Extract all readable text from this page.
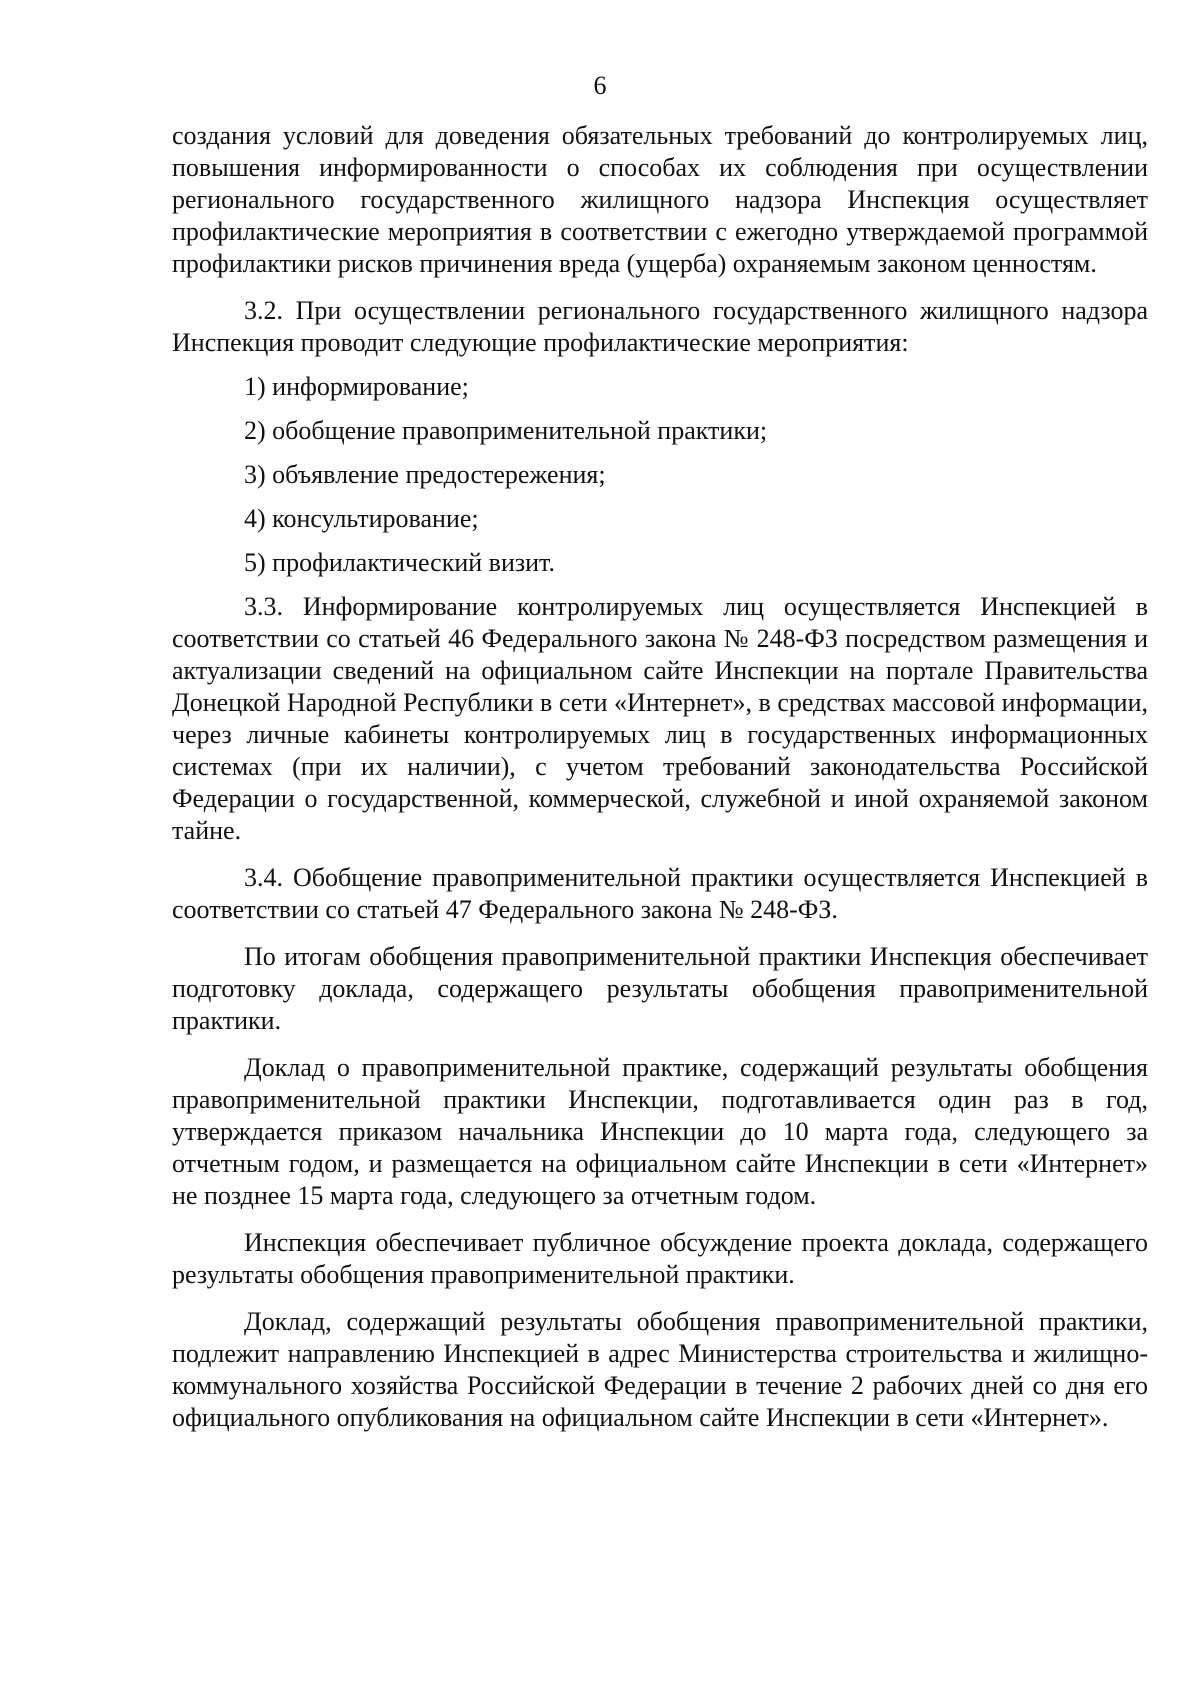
6

создания условий для доведения обязательных требований до контролируемых лиц, повышения информированности о способах их соблюдения при осуществлении регионального государственного жилищного надзора Инспекция осуществляет профилактические мероприятия в соответствии с ежегодно утверждаемой программой профилактики рисков причинения вреда (ущерба) охраняемым законом ценностям.

3.2. При осуществлении регионального государственного жилищного надзора Инспекция проводит следующие профилактические мероприятия:

1) информирование;

2) обобщение правоприменительной практики;

3) объявление предостережения;

4) консультирование;

5) профилактический визит.

3.3. Информирование контролируемых лиц осуществляется Инспекцией в соответствии со статьей 46 Федерального закона № 248-ФЗ посредством размещения и актуализации сведений на официальном сайте Инспекции на портале Правительства Донецкой Народной Республики в сети «Интернет», в средствах массовой информации, через личные кабинеты контролируемых лиц в государственных информационных системах (при их наличии), с учетом требований законодательства Российской Федерации о государственной, коммерческой, служебной и иной охраняемой законом тайне.

3.4. Обобщение правоприменительной практики осуществляется Инспекцией в соответствии со статьей 47 Федерального закона № 248-ФЗ.

По итогам обобщения правоприменительной практики Инспекция обеспечивает подготовку доклада, содержащего результаты обобщения правоприменительной практики.

Доклад о правоприменительной практике, содержащий результаты обобщения правоприменительной практики Инспекции, подготавливается один раз в год, утверждается приказом начальника Инспекции до 10 марта года, следующего за отчетным годом, и размещается на официальном сайте Инспекции в сети «Интернет» не позднее 15 марта года, следующего за отчетным годом.

Инспекция обеспечивает публичное обсуждение проекта доклада, содержащего результаты обобщения правоприменительной практики.

Доклад, содержащий результаты обобщения правоприменительной практики, подлежит направлению Инспекцией в адрес Министерства строительства и жилищно-коммунального хозяйства Российской Федерации в течение 2 рабочих дней со дня его официального опубликования на официальном сайте Инспекции в сети «Интернет».
